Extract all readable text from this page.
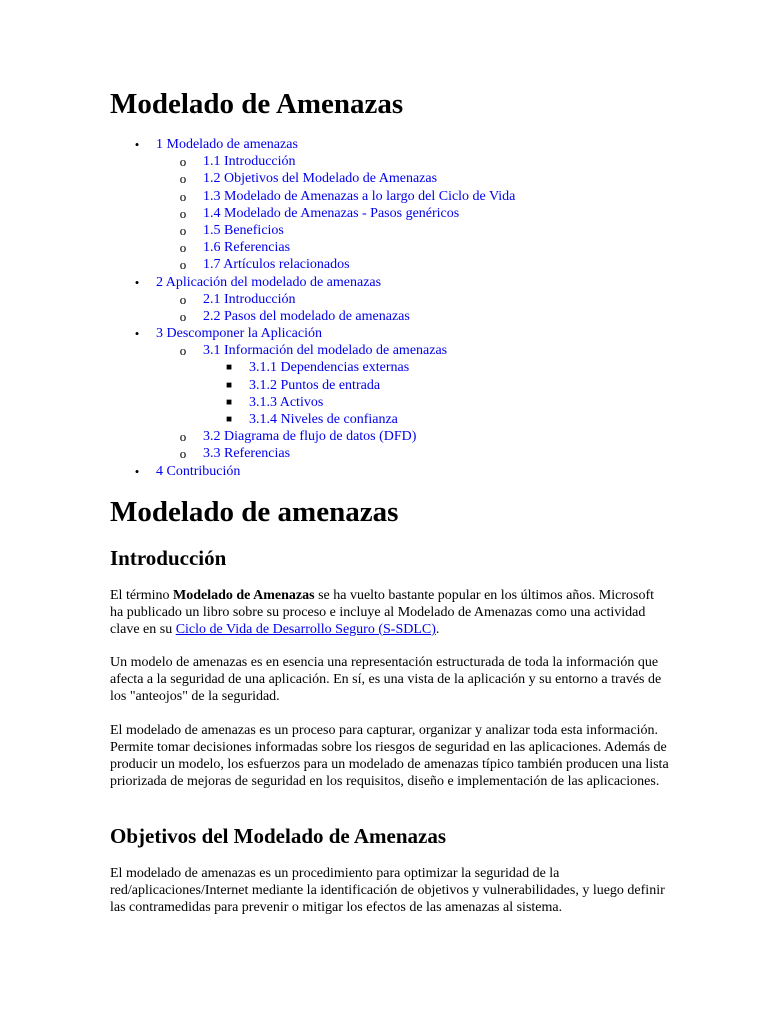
Modelado de Amenazas
•	1 Modelado de amenazas
o 1.1 Introducción
o 1.2 Objetivos del Modelado de Amenazas
o 1.3 Modelado de Amenazas a lo largo del Ciclo de Vida
o 1.4 Modelado de Amenazas - Pasos genéricos
o 1.5 Beneficios
o 1.6 Referencias
o 1.7 Artículos relacionados
•	2 Aplicación del modelado de amenazas
o 2.1 Introducción
o 2.2 Pasos del modelado de amenazas
•	3 Descomponer la Aplicación
o 3.1 Información del modelado de amenazas
■ 3.1.1 Dependencias externas
■ 3.1.2 Puntos de entrada
■ 3.1.3 Activos
■ 3.1.4 Niveles de confianza
o 3.2 Diagrama de flujo de datos (DFD)
o 3.3 Referencias
•	4 Contribución
Modelado de amenazas
Introducción

El término Modelado de Amenazas se ha vuelto bastante popular en los últimos años. Microsoft ha publicado un libro sobre su proceso e incluye al Modelado de Amenazas como una actividad clave en su Ciclo de Vida de Desarrollo Seguro (S-SDLC).

Un modelo de amenazas es en esencia una representación estructurada de toda la información que afecta a la seguridad de una aplicación. En sí, es una vista de la aplicación y su entorno a través de los "anteojos" de la seguridad.

El modelado de amenazas es un proceso para capturar, organizar y analizar toda esta información. Permite tomar decisiones informadas sobre los riesgos de seguridad en las aplicaciones. Además de producir un modelo, los esfuerzos para un modelado de amenazas típico también producen una lista priorizada de mejoras de seguridad en los requisitos, diseño e implementación de las aplicaciones.

Objetivos del Modelado de Amenazas

El modelado de amenazas es un procedimiento para optimizar la seguridad de la red/aplicaciones/Internet mediante la identificación de objetivos y vulnerabilidades, y luego definir las contramedidas para prevenir o mitigar los efectos de las amenazas al sistema.
